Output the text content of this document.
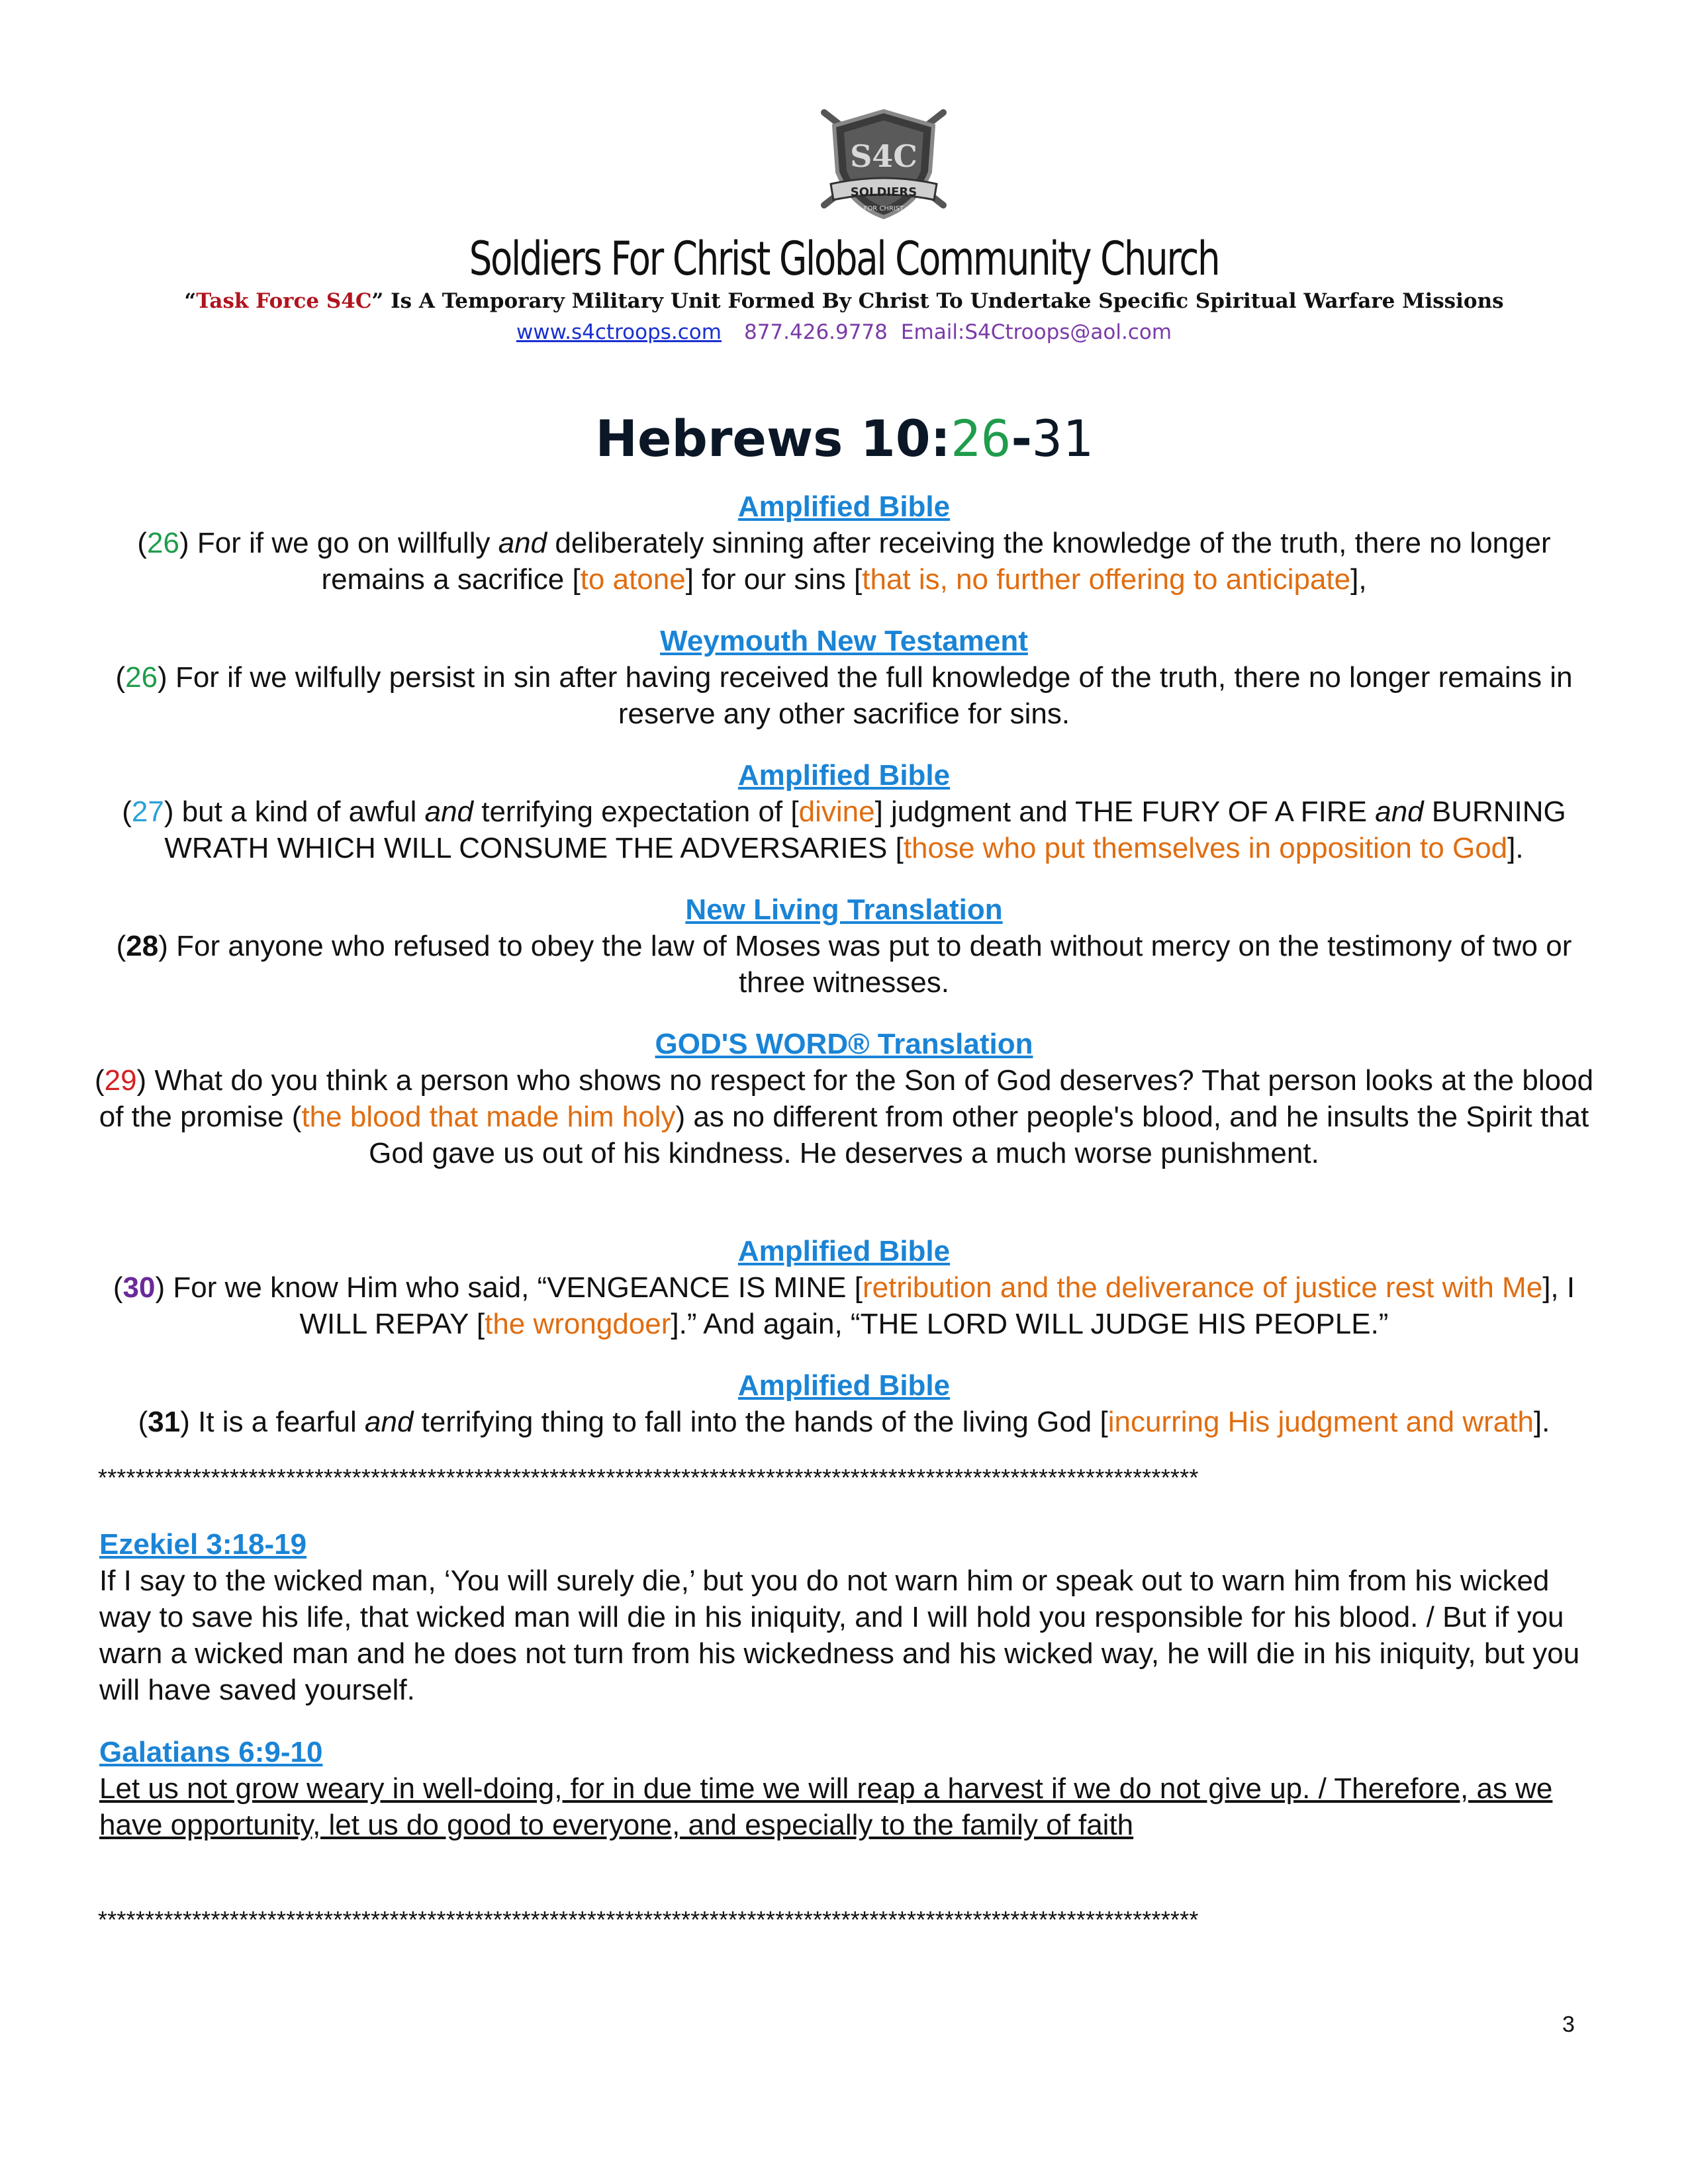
S4C
SOLDIERS
FOR CHRIST
Soldiers For Christ Global Community Church
“Task Force S4C” Is A Temporary Military Unit Formed By Christ To Undertake Specific Spiritual Warfare Missions
www.s4ctroops.com 877.426.9778 Email:S4Ctroops@aol.com
Hebrews 10:26-31
Amplified Bible
(26) For if we go on willfully and deliberately sinning after receiving the knowledge of the truth, there no longer remains a sacrifice [to atone] for our sins [that is, no further offering to anticipate],
Weymouth New Testament
(26) For if we wilfully persist in sin after having received the full knowledge of the truth, there no longer remains in reserve any other sacrifice for sins.
Amplified Bible
(27) but a kind of awful and terrifying expectation of [divine] judgment and THE FURY OF A FIRE and BURNING WRATH WHICH WILL CONSUME THE ADVERSARIES [those who put themselves in opposition to God].
New Living Translation
(28) For anyone who refused to obey the law of Moses was put to death without mercy on the testimony of two or three witnesses.
GOD'S WORD® Translation
(29) What do you think a person who shows no respect for the Son of God deserves? That person looks at the blood of the promise (the blood that made him holy) as no different from other people's blood, and he insults the Spirit that God gave us out of his kindness. He deserves a much worse punishment.
Amplified Bible
(30) For we know Him who said, “VENGEANCE IS MINE [retribution and the deliverance of justice rest with Me], I WILL REPAY [the wrongdoer].” And again, “THE LORD WILL JUDGE HIS PEOPLE.”
Amplified Bible
(31) It is a fearful and terrifying thing to fall into the hands of the living God [incurring His judgment and wrath].
*********************************************************************************************************************
Ezekiel 3:18-19
If I say to the wicked man, ‘You will surely die,’ but you do not warn him or speak out to warn him from his wicked way to save his life, that wicked man will die in his iniquity, and I will hold you responsible for his blood. / But if you warn a wicked man and he does not turn from his wickedness and his wicked way, he will die in his iniquity, but you will have saved yourself.
Galatians 6:9-10
Let us not grow weary in well-doing, for in due time we will reap a harvest if we do not give up. / Therefore, as we have opportunity, let us do good to everyone, and especially to the family of faith
*********************************************************************************************************************
3
